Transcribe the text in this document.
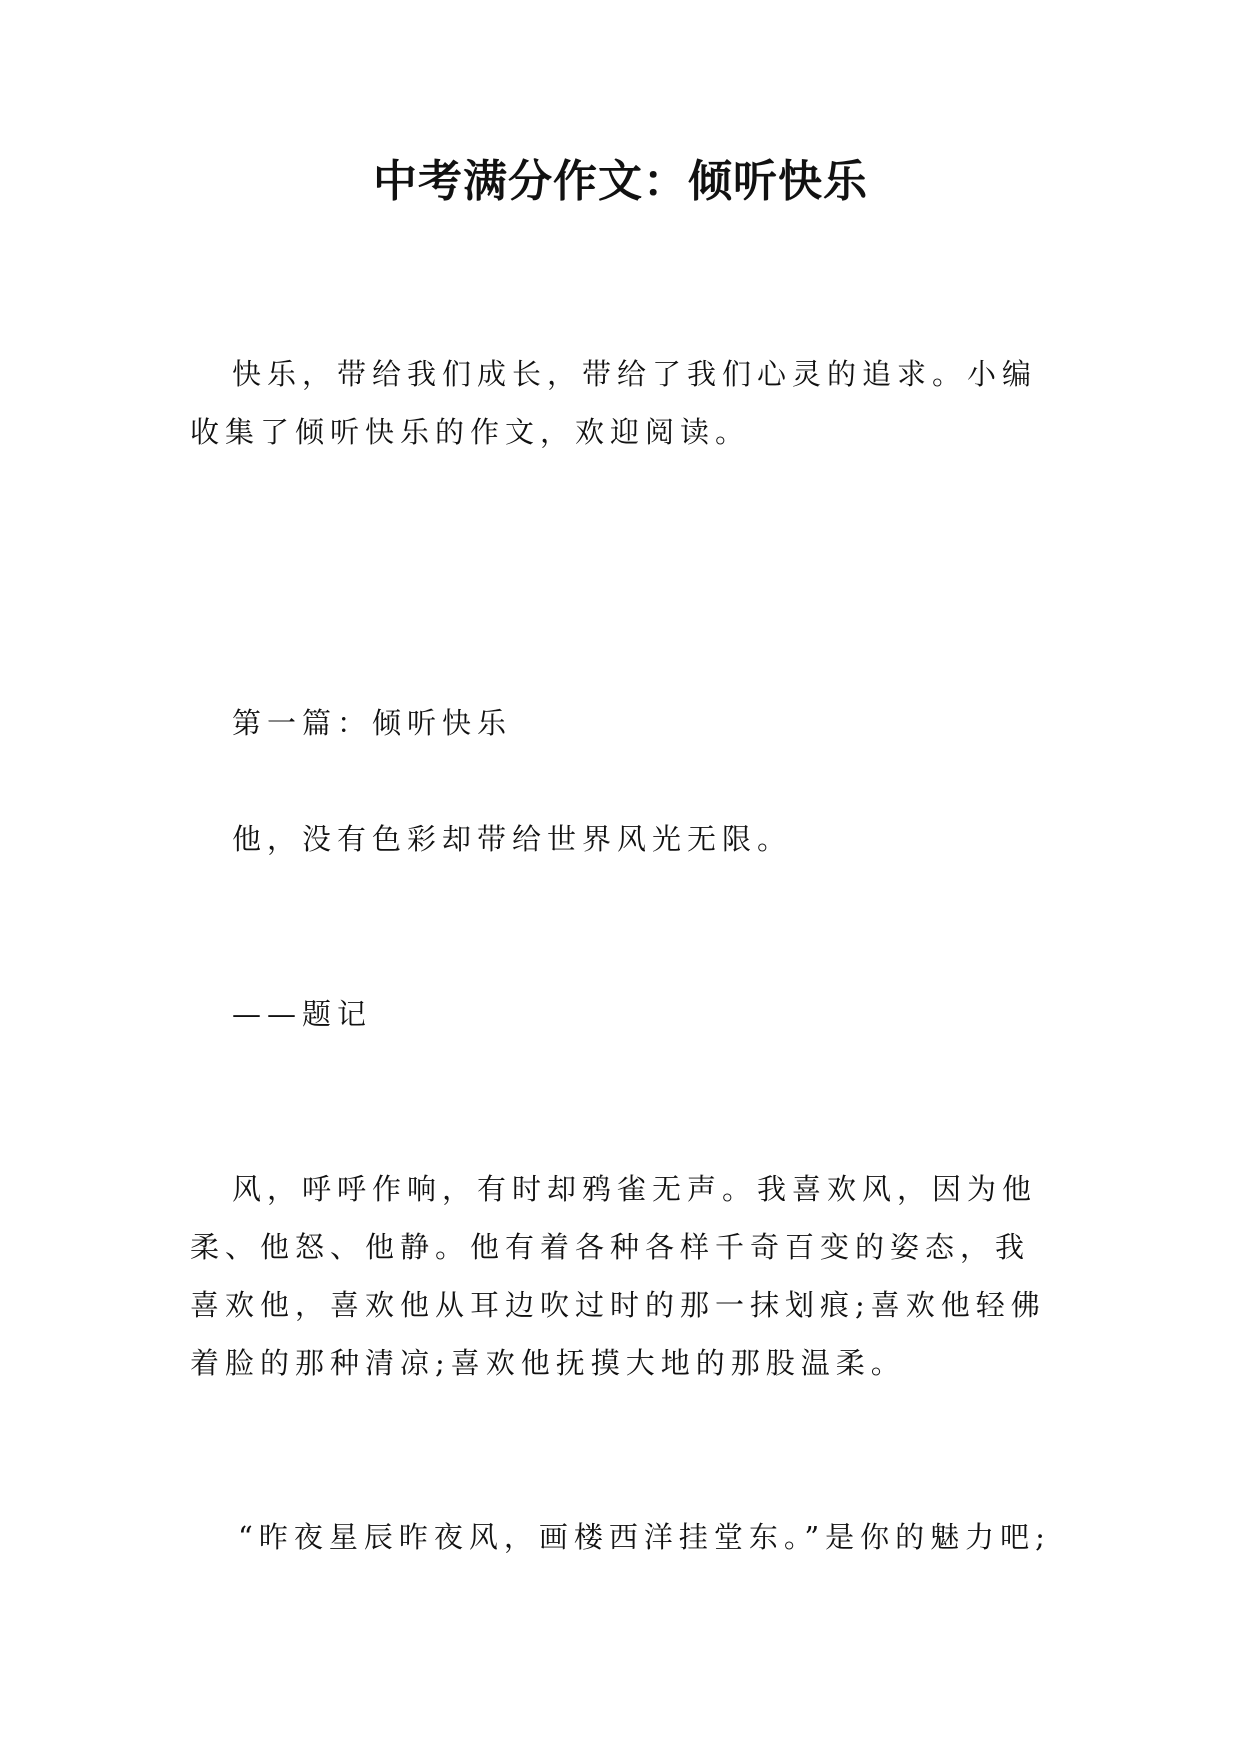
中考满分作文：倾听快乐

快乐，带给我们成长，带给了我们心灵的追求。小编收集了倾听快乐的作文，欢迎阅读。

第一篇：倾听快乐

他，没有色彩却带给世界风光无限。

——题记

风，呼呼作响，有时却鸦雀无声。我喜欢风，因为他柔、他怒、他静。他有着各种各样千奇百变的姿态，我喜欢他，喜欢他从耳边吹过时的那一抹划痕;喜欢他轻佛着脸的那种清凉;喜欢他抚摸大地的那股温柔。

“昨夜星辰昨夜风，画楼西洋挂堂东。”是你的魅力吧;
